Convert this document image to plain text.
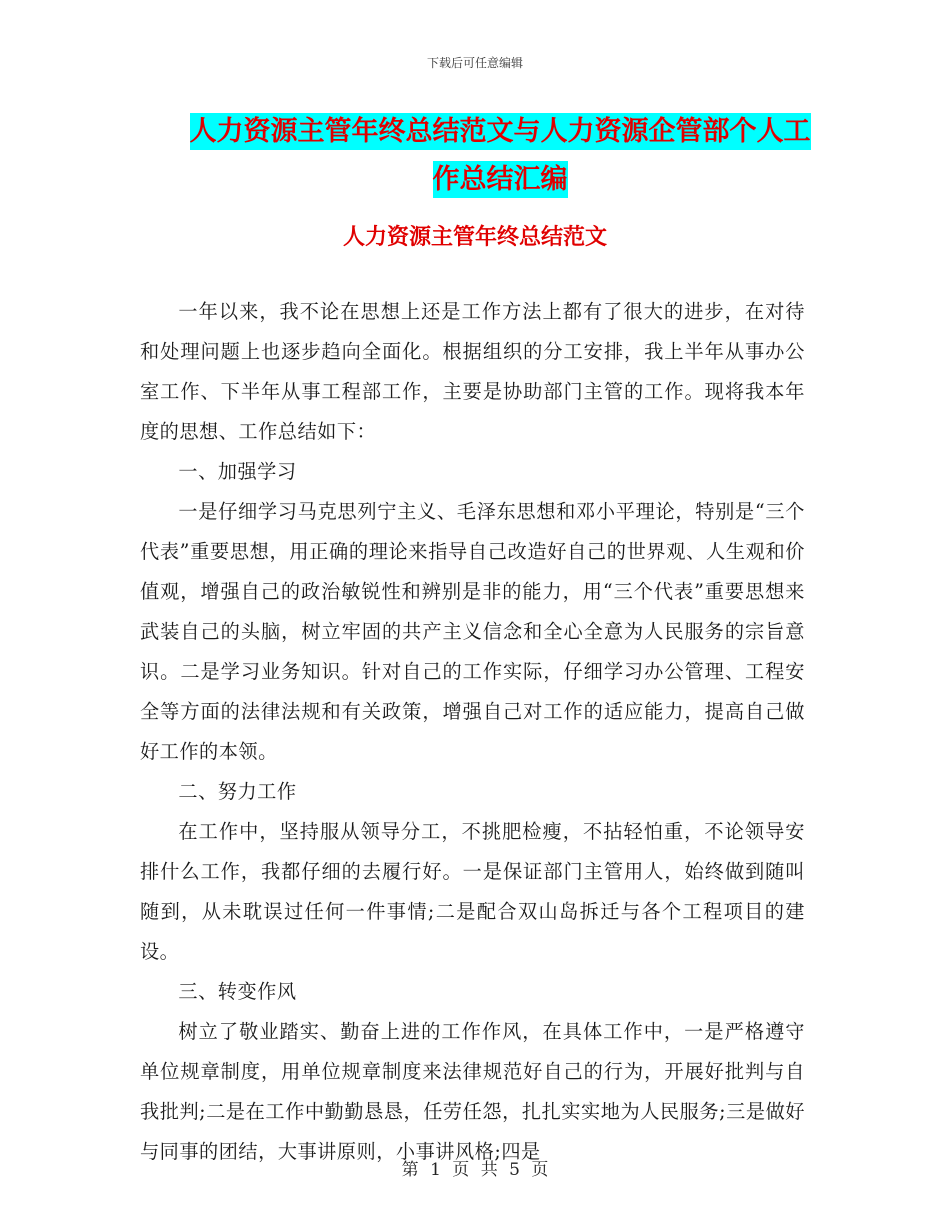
下载后可任意编辑
人力资源主管年终总结范文与人力资源企管部个人工
作总结汇编
人力资源主管年终总结范文

一年以来，我不论在思想上还是工作方法上都有了很大的进步，在对待和处理问题上也逐步趋向全面化。根据组织的分工安排，我上半年从事办公室工作、下半年从事工程部工作，主要是协助部门主管的工作。现将我本年度的思想、工作总结如下：

一、加强学习

一是仔细学习马克思列宁主义、毛泽东思想和邓小平理论，特别是“三个代表”重要思想，用正确的理论来指导自己改造好自己的世界观、人生观和价值观，增强自己的政治敏锐性和辨别是非的能力，用“三个代表”重要思想来武装自己的头脑，树立牢固的共产主义信念和全心全意为人民服务的宗旨意识。二是学习业务知识。针对自己的工作实际，仔细学习办公管理、工程安全等方面的法律法规和有关政策，增强自己对工作的适应能力，提高自己做好工作的本领。

二、努力工作

在工作中，坚持服从领导分工，不挑肥检瘦，不拈轻怕重，不论领导安排什么工作，我都仔细的去履行好。一是保证部门主管用人，始终做到随叫随到，从未耽误过任何一件事情;二是配合双山岛拆迁与各个工程项目的建设。

三、转变作风

树立了敬业踏实、勤奋上进的工作作风，在具体工作中，一是严格遵守单位规章制度，用单位规章制度来法律规范好自己的行为，开展好批判与自我批判;二是在工作中勤勤恳恳，任劳任怨，扎扎实实地为人民服务;三是做好与同事的团结，大事讲原则，小事讲风格;四是

第 1 页 共 5 页
